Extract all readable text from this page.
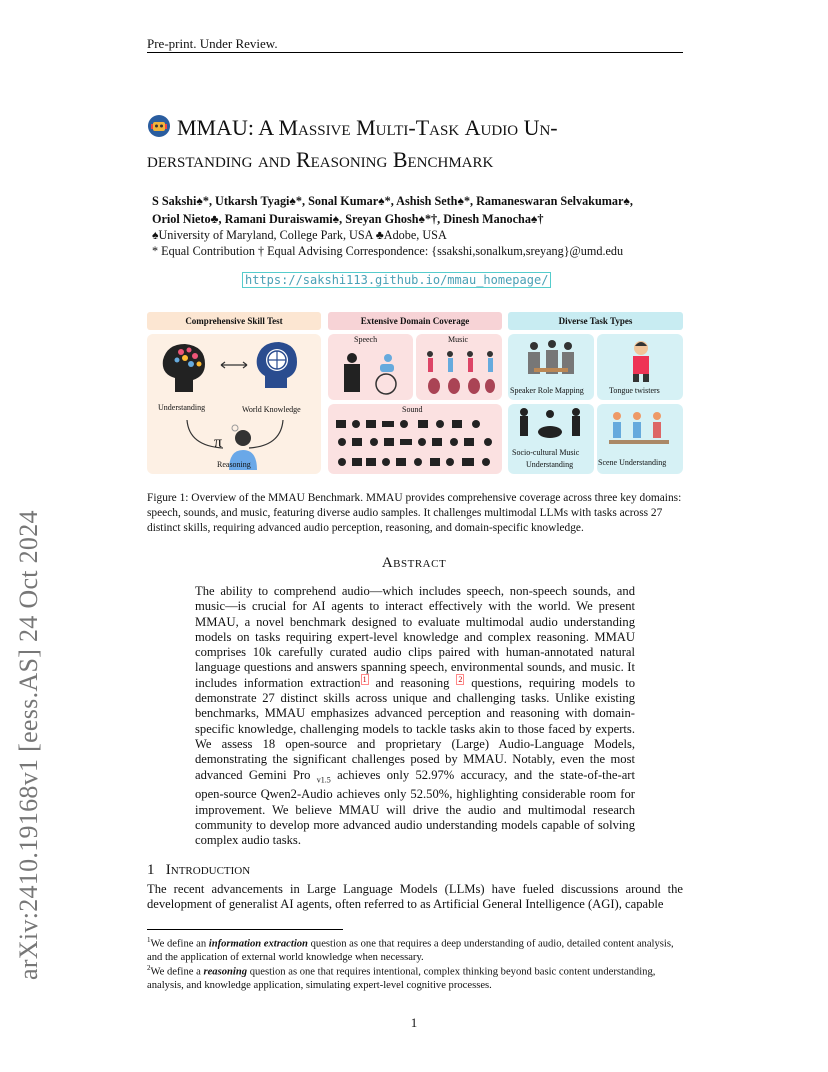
Pre-print. Under Review.
arXiv:2410.19168v1 [eess.AS] 24 Oct 2024
MMAU: A Massive Multi-Task Audio Un-
derstanding and Reasoning Benchmark
S Sakshi♠*, Utkarsh Tyagi♠*, Sonal Kumar♠*, Ashish Seth♠*, Ramaneswaran Selvakumar♠,
Oriol Nieto♣, Ramani Duraiswami♠, Sreyan Ghosh♠*†, Dinesh Manocha♠†
♠University of Maryland, College Park, USA ♣Adobe, USA
* Equal Contribution † Equal Advising Correspondence: {ssakshi,sonalkum,sreyang}@umd.edu
https://sakshi113.github.io/mmau_homepage/
Comprehensive Skill Test	Extensive Domain Coverage	Diverse Task Types
Understanding	World Knowledge
π
Reasoning
Speech	Music
Sound
Speaker Role Mapping	Tongue twisters
Socio-cultural Music
Understanding	Scene Understanding
Figure 1: Overview of the MMAU Benchmark. MMAU provides comprehensive coverage across three key domains: speech, sounds, and music, featuring diverse audio samples. It challenges multimodal LLMs with tasks across 27 distinct skills, requiring advanced audio perception, reasoning, and domain-specific knowledge.
Abstract
The ability to comprehend audio—which includes speech, non-speech sounds, and music—is crucial for AI agents to interact effectively with the world. We present MMAU, a novel benchmark designed to evaluate multimodal audio understanding models on tasks requiring expert-level knowledge and complex reasoning. MMAU comprises 10k carefully curated audio clips paired with human-annotated natural language questions and answers spanning speech, environmental sounds, and music. It includes information extraction $^1$ and reasoning $^2$ questions, requiring models to demonstrate 27 distinct skills across unique and challenging tasks. Unlike existing benchmarks, MMAU emphasizes advanced perception and reasoning with domain-specific knowledge, challenging models to tackle tasks akin to those faced by experts. We assess 18 open-source and proprietary (Large) Audio-Language Models, demonstrating the significant challenges posed by MMAU. Notably, even the most advanced Gemini Pro $_{v1.5}$ achieves only 52.97% accuracy, and the state-of-the-art open-source Qwen2-Audio achieves only 52.50%, highlighting considerable room for improvement. We believe MMAU will drive the audio and multimodal research community to develop more advanced audio understanding models capable of solving complex audio tasks.
1 Introduction
The recent advancements in Large Language Models (LLMs) have fueled discussions around the development of generalist AI agents, often referred to as Artificial General Intelligence (AGI), capable
$^1$We define an information extraction question as one that requires a deep understanding of audio, detailed content analysis, and the application of external world knowledge when necessary.
$^2$We define a reasoning question as one that requires intentional, complex thinking beyond basic content understanding, analysis, and knowledge application, simulating expert-level cognitive processes.
1
